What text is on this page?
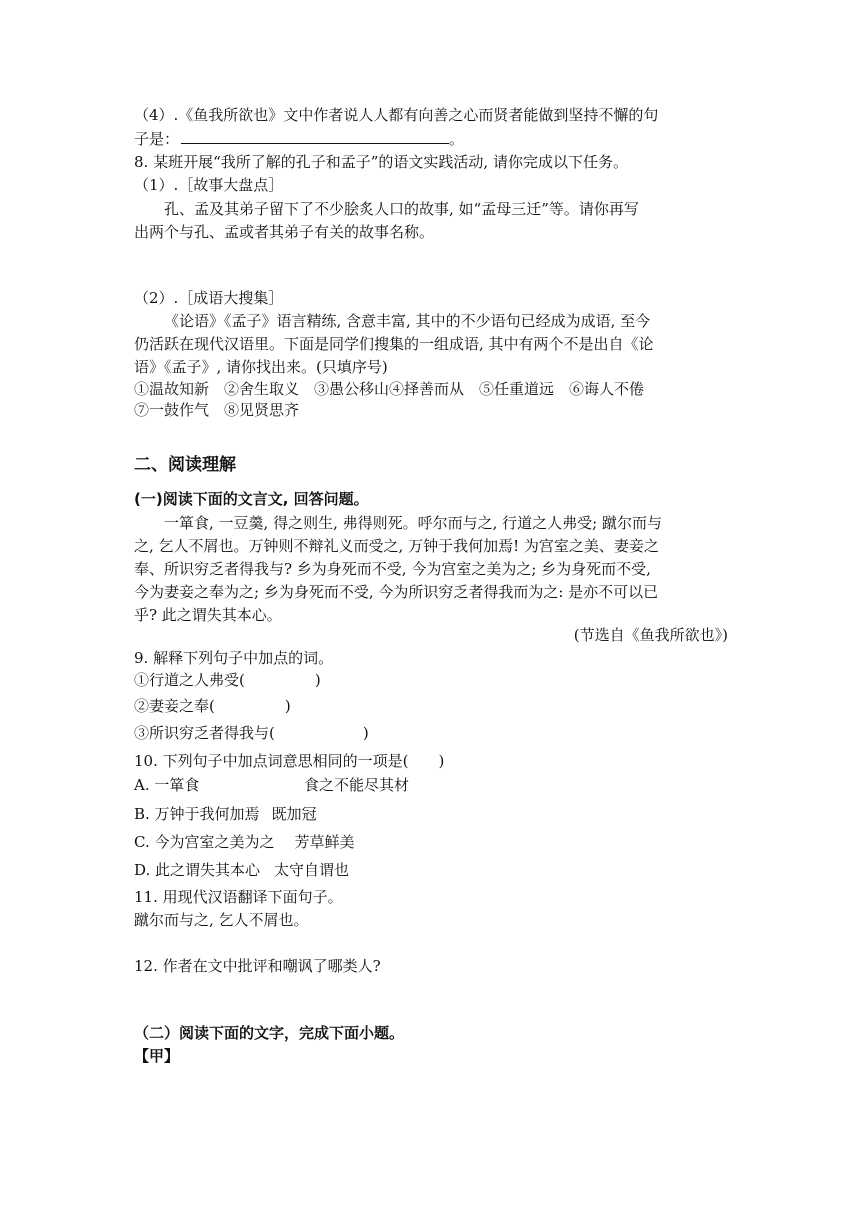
（4）.《鱼我所欲也》文中作者说人人都有向善之心而贤者能做到坚持不懈的句
子是：	。
8. 某班开展“我所了解的孔子和孟子”的语文实践活动, 请你完成以下任务。
（1）.［故事大盘点］
孔、孟及其弟子留下了不少脍炙人口的故事, 如“孟母三迁”等。请你再写
出两个与孔、孟或者其弟子有关的故事名称。
（2）.［成语大搜集］
《论语》《孟子》语言精练, 含意丰富, 其中的不少语句已经成为成语, 至今
仍活跃在现代汉语里。下面是同学们搜集的一组成语, 其中有两个不是出自《论
语》《孟子》, 请你找出来。(只填序号)
①温故知新　②舍生取义　③愚公移山④择善而从　⑤任重道远　⑥诲人不倦
⑦一鼓作气　⑧见贤思齐
二、阅读理解
(一)阅读下面的文言文, 回答问题。
一箪食, 一豆羹, 得之则生, 弗得则死。呼尔而与之, 行道之人弗受; 蹴尔而与
之, 乞人不屑也。万钟则不辩礼义而受之, 万钟于我何加焉! 为宫室之美、妻妾之
奉、所识穷乏者得我与? 乡为身死而不受, 今为宫室之美为之; 乡为身死而不受,
今为妻妾之奉为之; 乡为身死而不受, 今为所识穷乏者得我而为之: 是亦不可以已
乎? 此之谓失其本心。
(节选自《鱼我所欲也》)
9. 解释下列句子中加点的词。
①行道之人弗受(	)
②妻妾之奉(	)
③所识穷乏者得我与(	)
10. 下列句子中加点词意思相同的一项是(　　)
A. 一箪食	食之不能尽其材
B. 万钟于我何加焉 既加冠
C. 今为宫室之美为之 芳草鲜美
D. 此之谓失其本心 太守自谓也
11. 用现代汉语翻译下面句子。
蹴尔而与之, 乞人不屑也。
12. 作者在文中批评和嘲讽了哪类人?
（二）阅读下面的文字，完成下面小题。
【甲】
